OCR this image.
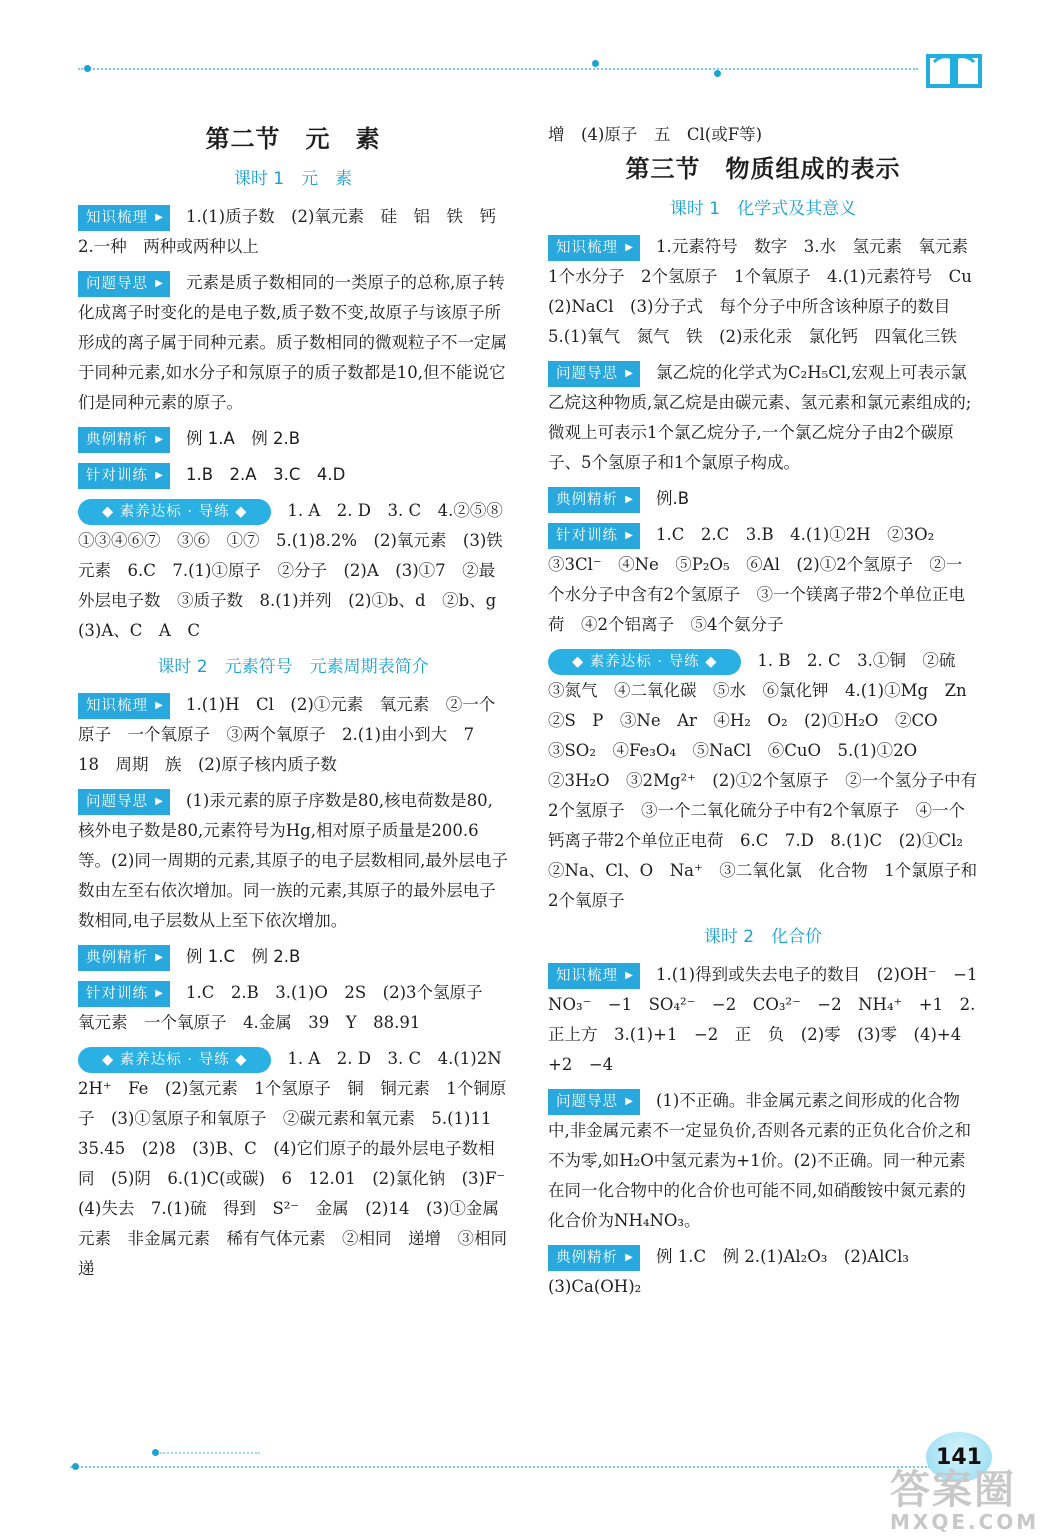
第二节　元　素
课时 1　元　素
知识梳理 ▶ 1.(1)质子数　(2)氧元素　硅　铝　铁　钙　2.一种　两种或两种以上
问题导思 ▶ 元素是质子数相同的一类原子的总称,原子转化成离子时变化的是电子数,质子数不变,故原子与该原子所形成的离子属于同种元素。质子数相同的微观粒子不一定属于同种元素,如水分子和氖原子的质子数都是10,但不能说它们是同种元素的原子。
典例精析 ▶ 例 1.A　例 2.B
针对训练 ▶ 1.B　2.A　3.C　4.D
◆ 素养达标 · 导练 ◆ 1. A　2. D　3. C　4.②⑤⑧　①③④⑥⑦　③⑥　①⑦　5.(1)8.2%　(2)氧元素　(3)铁元素　6.C　7.(1)①原子　②分子　(2)A　(3)①7　②最外层电子数　③质子数　8.(1)并列　(2)①b、d　②b、g　(3)A、C　A　C
课时 2　元素符号　元素周期表简介
知识梳理 ▶ 1.(1)H　Cl　(2)①元素　氧元素　②一个原子　一个氧原子　③两个氧原子　2.(1)由小到大　7　18　周期　族　(2)原子核内质子数
问题导思 ▶ (1)汞元素的原子序数是80,核电荷数是80,核外电子数是80,元素符号为Hg,相对原子质量是200.6等。(2)同一周期的元素,其原子的电子层数相同,最外层电子数由左至右依次增加。同一族的元素,其原子的最外层电子数相同,电子层数从上至下依次增加。
典例精析 ▶ 例 1.C　例 2.B
针对训练 ▶ 1.C　2.B　3.(1)O　2S　(2)3个氢原子　氧元素　一个氧原子　4.金属　39　Y　88.91
◆ 素养达标 · 导练 ◆ 1. A　2. D　3. C　4.(1)2N　2H⁺　Fe　(2)氢元素　1个氢原子　铜　铜元素　1个铜原子　(3)①氢原子和氧原子　②碳元素和氧元素　5.(1)11　35.45　(2)8　(3)B、C　(4)它们原子的最外层电子数相同　(5)阴　6.(1)C(或碳)　6　12.01　(2)氯化钠　(3)F⁻　(4)失去　7.(1)硫　得到　S²⁻　金属　(2)14　(3)①金属元素　非金属元素　稀有气体元素　②相同　递增　③相同　递
增　(4)原子　五　Cl(或F等)
第三节　物质组成的表示
课时 1　化学式及其意义
知识梳理 ▶ 1.元素符号　数字　3.水　氢元素　氧元素　1个水分子　2个氢原子　1个氧原子　4.(1)元素符号　Cu　(2)NaCl　(3)分子式　每个分子中所含该种原子的数目　5.(1)氧气　氮气　铁　(2)汞化汞　氯化钙　四氧化三铁
问题导思 ▶ 氯乙烷的化学式为C₂H₅Cl,宏观上可表示氯乙烷这种物质,氯乙烷是由碳元素、氢元素和氯元素组成的;微观上可表示1个氯乙烷分子,一个氯乙烷分子由2个碳原子、5个氢原子和1个氯原子构成。
典例精析 ▶ 例.B
针对训练 ▶ 1.C　2.C　3.B　4.(1)①2H　②3O₂　③3Cl⁻　④Ne　⑤P₂O₅　⑥Al　(2)①2个氢原子　②一个水分子中含有2个氢原子　③一个镁离子带2个单位正电荷　④2个铝离子　⑤4个氨分子
◆ 素养达标 · 导练 ◆ 1. B　2. C　3.①铜　②硫　③氮气　④二氧化碳　⑤水　⑥氯化钾　4.(1)①Mg　Zn　②S　P　③Ne　Ar　④H₂　O₂　(2)①H₂O　②CO　③SO₂　④Fe₃O₄　⑤NaCl　⑥CuO　5.(1)①2O　②3H₂O　③2Mg²⁺　(2)①2个氢原子　②一个氢分子中有2个氢原子　③一个二氧化硫分子中有2个氧原子　④一个钙离子带2个单位正电荷　6.C　7.D　8.(1)C　(2)①Cl₂　②Na、Cl、O　Na⁺　③二氧化氯　化合物　1个氯原子和2个氧原子
课时 2　化合价
知识梳理 ▶ 1.(1)得到或失去电子的数目　(2)OH⁻　−1　NO₃⁻　−1　SO₄²⁻　−2　CO₃²⁻　−2　NH₄⁺　+1　2. 正上方　3.(1)+1　−2　正　负　(2)零　(3)零　(4)+4　+2　−4
问题导思 ▶ (1)不正确。非金属元素之间形成的化合物中,非金属元素不一定显负价,否则各元素的正负化合价之和不为零,如H₂O中氢元素为+1价。(2)不正确。同一种元素在同一化合物中的化合价也可能不同,如硝酸铵中氮元素的化合价为NH₄NO₃。
典例精析 ▶ 例 1.C　例 2.(1)Al₂O₃　(2)AlCl₃　(3)Ca(OH)₂
141
答案圈
MXQE.COM
